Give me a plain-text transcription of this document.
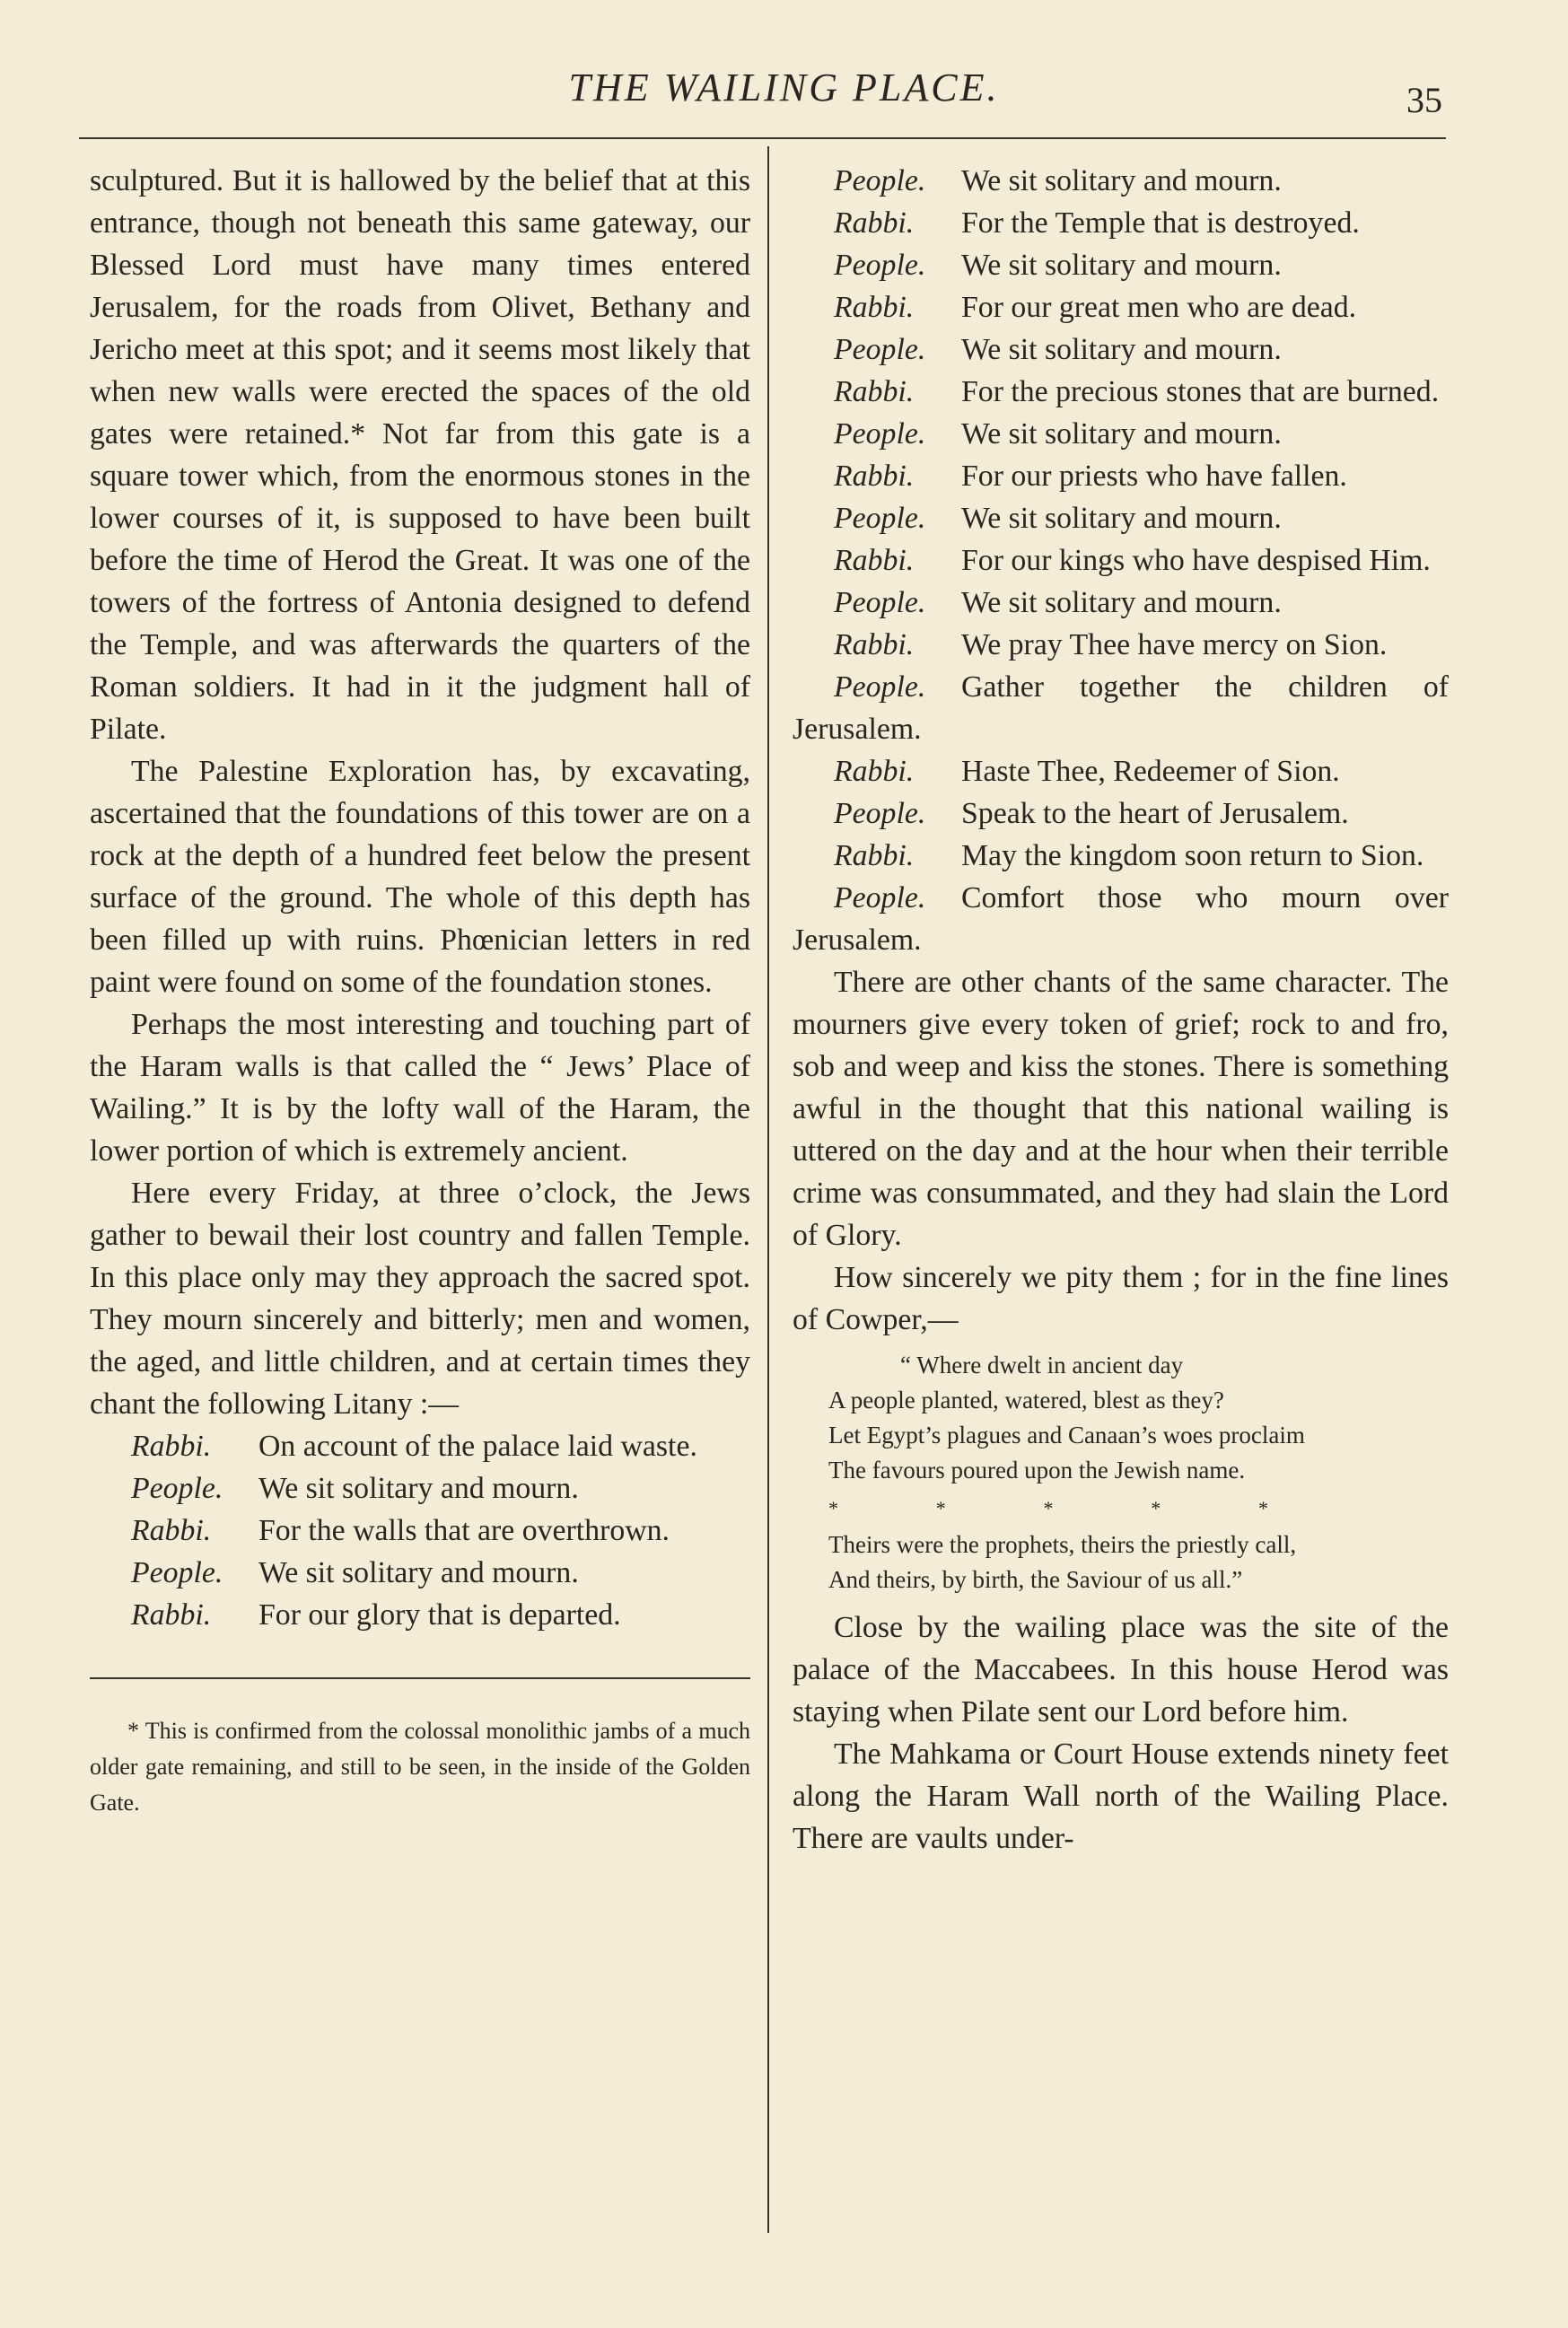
THE WAILING PLACE.	35

sculptured. But it is hallowed by the belief that at this entrance, though not beneath this same gateway, our Blessed Lord must have many times entered Jerusalem, for the roads from Olivet, Bethany and Jericho meet at this spot; and it seems most likely that when new walls were erected the spaces of the old gates were retained.* Not far from this gate is a square tower which, from the enormous stones in the lower courses of it, is supposed to have been built before the time of Herod the Great. It was one of the towers of the fortress of Antonia designed to defend the Temple, and was afterwards the quarters of the Roman soldiers. It had in it the judgment hall of Pilate.

The Palestine Exploration has, by excavating, ascertained that the foundations of this tower are on a rock at the depth of a hundred feet below the present surface of the ground. The whole of this depth has been filled up with ruins. Phœnician letters in red paint were found on some of the foundation stones.

Perhaps the most interesting and touching part of the Haram walls is that called the “ Jews’ Place of Wailing.” It is by the lofty wall of the Haram, the lower portion of which is extremely ancient.

Here every Friday, at three o’clock, the Jews gather to bewail their lost country and fallen Temple. In this place only may they approach the sacred spot. They mourn sincerely and bitterly; men and women, the aged, and little children, and at certain times they chant the following Litany :—

Rabbi. On account of the palace laid waste.

People. We sit solitary and mourn.

Rabbi. For the walls that are overthrown.

People. We sit solitary and mourn.

Rabbi. For our glory that is departed.

* This is confirmed from the colossal monolithic jambs of a much older gate remaining, and still to be seen, in the inside of the Golden Gate.

People. We sit solitary and mourn.

Rabbi. For the Temple that is destroyed.

People. We sit solitary and mourn.

Rabbi. For our great men who are dead.

People. We sit solitary and mourn.

Rabbi. For the precious stones that are burned.

People. We sit solitary and mourn.

Rabbi. For our priests who have fallen.

People. We sit solitary and mourn.

Rabbi. For our kings who have despised Him.

People. We sit solitary and mourn.

Rabbi. We pray Thee have mercy on Sion.

People. Gather together the children of Jerusalem.

Rabbi. Haste Thee, Redeemer of Sion.

People. Speak to the heart of Jerusalem.

Rabbi. May the kingdom soon return to Sion.

People. Comfort those who mourn over Jerusalem.

There are other chants of the same character. The mourners give every token of grief; rock to and fro, sob and weep and kiss the stones. There is something awful in the thought that this national wailing is uttered on the day and at the hour when their terrible crime was consummated, and they had slain the Lord of Glory.

How sincerely we pity them ; for in the fine lines of Cowper,—

“ Where dwelt in ancient day

A people planted, watered, blest as they?

Let Egypt’s plagues and Canaan’s woes proclaim

The favours poured upon the Jewish name.

*	*	*	*	*

Theirs were the prophets, theirs the priestly call,

And theirs, by birth, the Saviour of us all.”

Close by the wailing place was the site of the palace of the Maccabees. In this house Herod was staying when Pilate sent our Lord before him.

The Mahkama or Court House extends ninety feet along the Haram Wall north of the Wailing Place. There are vaults under-
